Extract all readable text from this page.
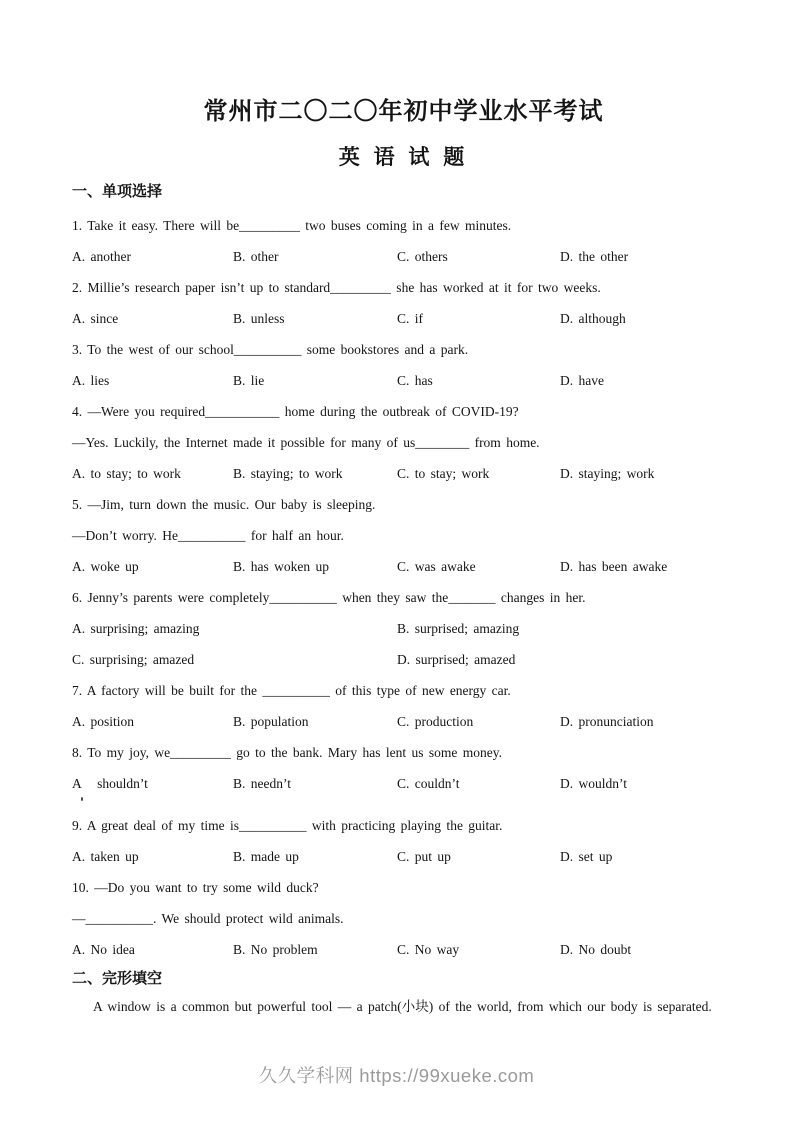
常州市二〇二〇年初中学业水平考试
英 语 试 题
一、单项选择
1. Take it easy. There will be_________ two buses coming in a few minutes.
A. another	B. other	C. others	D. the other
2. Millie’s research paper isn’t up to standard_________ she has worked at it for two weeks.
A. since	B. unless	C. if	D. although
3. To the west of our school__________ some bookstores and a park.
A. lies	B. lie	C. has	D. have
4. —Were you required___________ home during the outbreak of COVID-19?
—Yes. Luckily, the Internet made it possible for many of us________ from home.
A. to stay; to work	B. staying; to work	C. to stay; work	D. staying; work
5. —Jim, turn down the music. Our baby is sleeping.
—Don’t worry. He__________ for half an hour.
A. woke up	B. has woken up	C. was awake	D. has been awake
6. Jenny’s parents were completely__________ when they saw the_______ changes in her.
A. surprising; amazing	B. surprised; amazing
C. surprising; amazed	D. surprised; amazed
7. A factory will be built for the __________ of this type of new energy car.
A. position	B. population	C. production	D. pronunciation
8. To my joy, we_________ go to the bank. Mary has lent us some money.
A   shouldn’t	B. needn’t	C. couldn’t	D. wouldn’t
9. A great deal of my time is__________ with practicing playing the guitar.
A. taken up	B. made up	C. put up	D. set up
10. —Do you want to try some wild duck?
—__________. We should protect wild animals.
A. No idea	B. No problem	C. No way	D. No doubt
二、完形填空
A window is a common but powerful tool — a patch(小块) of the world, from which our body is separated.
久久学科网 https://99xueke.com
